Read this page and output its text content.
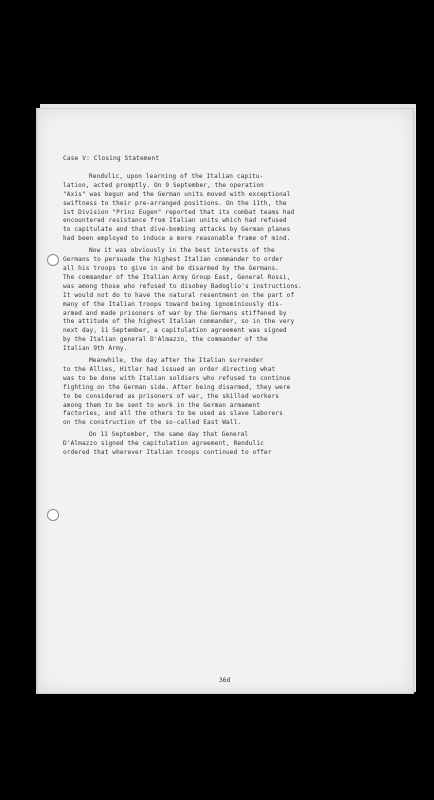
Case V: Closing Statement
Rendulic, upon learning of the Italian capitu-
lation, acted promptly. On 9 September, the operation
"Axis" was begun and the German units moved with exceptional
swiftness to their pre-arranged positions. On the 11th, the
1st Division "Prinz Eugen" reported that its combat teams had
encountered resistance from Italian units which had refused
to capitulate and that dive-bombing attacks by German planes
had been employed to induce a more reasonable frame of mind.
Now it was obviously in the best interests of the
Germans to persuade the highest Italian commander to order
all his troops to give in and be disarmed by the Germans.
The commander of the Italian Army Group East, General Rossi,
was among those who refused to disobey Badoglio's instructions.
It would not do to have the natural resentment on the part of
many of the Italian troops toward being ignominiously dis-
armed and made prisoners of war by the Germans stiffened by
the attitude of the highest Italian commander, so in the very
next day, 11 September, a capitulation agreement was signed
by the Italian general D'Almazzo, the commander of the
Italian 9th Army.
Meanwhile, the day after the Italian surrender
to the Allies, Hitler had issued an order directing what
was to be done with Italian soldiers who refused to continue
fighting on the German side. After being disarmed, they were
to be considered as prisoners of war, the skilled workers
among them to be sent to work in the German armament
factories, and all the others to be used as slave laborers
on the construction of the so-called East Wall.
On 11 September, the same day that General
D'Almazzo signed the capitulation agreement, Rendulic
ordered that wherever Italian troops continued to offer
36d
